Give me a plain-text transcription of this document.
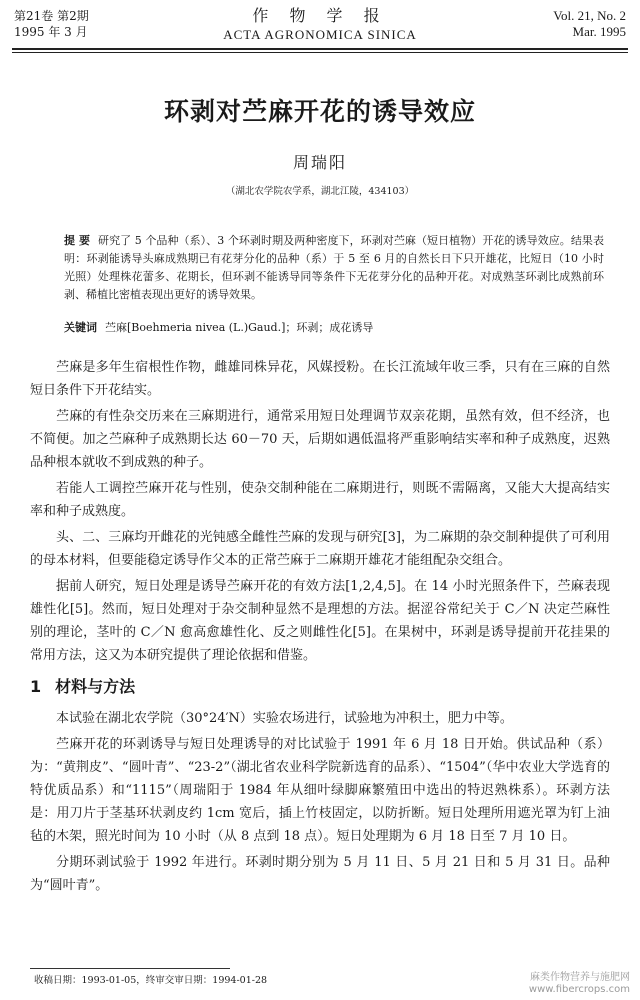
第21卷 第2期
1995 年 3 月
作 物 学 报
ACTA AGRONOMICA SINICA
Vol. 21, No. 2
Mar. 1995
环剥对苎麻开花的诱导效应
周瑞阳
（湖北农学院农学系，湖北江陵，434103）
提 要 研究了 5 个品种（系）、3 个环剥时期及两种密度下，环剥对苎麻（短日植物）开花的诱导效应。结果表明：环剥能诱导头麻成熟期已有花芽分化的品种（系）于 5 至 6 月的自然长日下只开雄花，比短日（10 小时光照）处理株花蕾多、花期长，但环剥不能诱导同等条件下无花芽分化的品种开花。对成熟茎环剥比成熟前环剥、稀植比密植表现出更好的诱导效果。
关键词 苎麻[Boehmeria nivea (L.)Gaud.]；环剥；成花诱导

苎麻是多年生宿根性作物，雌雄同株异花，风媒授粉。在长江流域年收三季，只有在三麻的自然短日条件下开花结实。

苎麻的有性杂交历来在三麻期进行，通常采用短日处理调节双亲花期，虽然有效，但不经济，也不简便。加之苎麻种子成熟期长达 60－70 天，后期如遇低温将严重影响结实率和种子成熟度，迟熟品种根本就收不到成熟的种子。

若能人工调控苎麻开花与性别，使杂交制种能在二麻期进行，则既不需隔离，又能大大提高结实率和种子成熟度。

头、二、三麻均开雌花的光钝感全雌性苎麻的发现与研究[3]，为二麻期的杂交制种提供了可利用的母本材料，但要能稳定诱导作父本的正常苎麻于二麻期开雄花才能组配杂交组合。

据前人研究，短日处理是诱导苎麻开花的有效方法[1,2,4,5]。在 14 小时光照条件下，苎麻表现雄性化[5]。然而，短日处理对于杂交制种显然不是理想的方法。据涩谷常纪关于 C／N 决定苎麻性别的理论，茎叶的 C／N 愈高愈雄性化、反之则雌性化[5]。在果树中，环剥是诱导提前开花挂果的常用方法，这又为本研究提供了理论依据和借鉴。

1 材料与方法

本试验在湖北农学院（30°24′N）实验农场进行，试验地为冲积土，肥力中等。

苎麻开花的环剥诱导与短日处理诱导的对比试验于 1991 年 6 月 18 日开始。供试品种（系）为：“黄荆皮”、“圆叶青”、“23-2”（湖北省农业科学院新选育的品系）、“1504”（华中农业大学选育的特优质品系）和“1115”（周瑞阳于 1984 年从细叶绿脚麻繁殖田中选出的特迟熟株系）。环剥方法是：用刀片于茎基环状剥皮约 1cm 宽后，插上竹枝固定，以防折断。短日处理所用遮光罩为钉上油毡的木架，照光时间为 10 小时（从 8 点到 18 点）。短日处理期为 6 月 18 日至 7 月 10 日。

分期环剥试验于 1992 年进行。环剥时期分别为 5 月 11 日、5 月 21 日和 5 月 31 日。品种为“圆叶青”。

收稿日期：1993-01-05，终审交审日期：1994-01-28	麻类作物营养与施肥网
www.fibercrops.com
